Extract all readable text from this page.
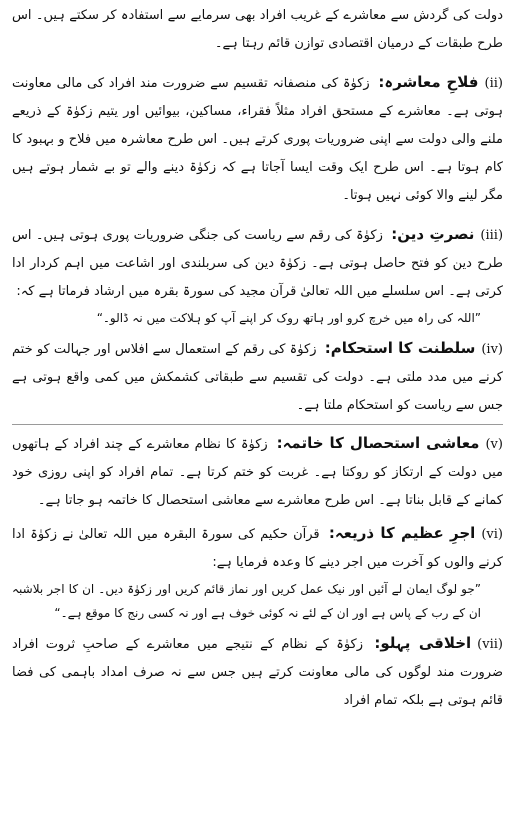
دولت کی گردش سے معاشرے کے غریب افراد بھی سرمایے سے استفادہ کر سکتے ہیں۔ اس طرح طبقات کے درمیان اقتصادی توازن قائم رہتا ہے۔

(ii)فلاحِ معاشرہ: زکوٰۃ کی منصفانہ تقسیم سے ضرورت مند افراد کی مالی معاونت ہوتی ہے۔ معاشرے کے مستحق افراد مثلاً فقراء، مساکین، بیوائیں اور یتیم زکوٰۃ کے ذریعے ملنے والی دولت سے اپنی ضروریات پوری کرتے ہیں۔ اس طرح معاشرہ میں فلاح و بہبود کا کام ہوتا ہے۔ اس طرح ایک وقت ایسا آجاتا ہے کہ زکوٰۃ دینے والے تو بے شمار ہوتے ہیں مگر لینے والا کوئی نہیں ہوتا۔

(iii)نصرتِ دین: زکوٰۃ کی رقم سے ریاست کی جنگی ضروریات پوری ہوتی ہیں۔ اس طرح دین کو فتح حاصل ہوتی ہے۔ زکوٰۃ دین کی سربلندی اور اشاعت میں اہم کردار ادا کرتی ہے۔ اس سلسلے میں اللہ تعالیٰ قرآن مجید کی سورۃ بقرہ میں ارشاد فرماتا ہے کہ:

”اللہ کی راہ میں خرچ کرو اور ہاتھ روک کر اپنے آپ کو ہلاکت میں نہ ڈالو۔“

(iv)سلطنت کا استحکام: زکوٰۃ کی رقم کے استعمال سے افلاس اور جہالت کو ختم کرنے میں مدد ملتی ہے۔ دولت کی تقسیم سے طبقاتی کشمکش میں کمی واقع ہوتی ہے جس سے ریاست کو استحکام ملتا ہے۔

(v)معاشی استحصال کا خاتمہ: زکوٰۃ کا نظام معاشرے کے چند افراد کے ہاتھوں میں دولت کے ارتکاز کو روکتا ہے۔ غربت کو ختم کرتا ہے۔ تمام افراد کو اپنی روزی خود کمانے کے قابل بناتا ہے۔ اس طرح معاشرے سے معاشی استحصال کا خاتمہ ہو جاتا ہے۔

(vi)اجرِ عظیم کا ذریعہ: قرآن حکیم کی سورۃ البقرہ میں اللہ تعالیٰ نے زکوٰۃ ادا کرنے والوں کو آخرت میں اجر دینے کا وعدہ فرمایا ہے:

”جو لوگ ایمان لے آئیں اور نیک عمل کریں اور نماز قائم کریں اور زکوٰۃ دیں۔ ان کا اجر بلاشبہ ان کے رب کے پاس ہے اور ان کے لئے نہ کوئی خوف ہے اور نہ کسی رنج کا موقع ہے۔“

(vii)اخلاقی پہلو: زکوٰۃ کے نظام کے نتیجے میں معاشرے کے صاحبِ ثروت افراد ضرورت مند لوگوں کی مالی معاونت کرتے ہیں جس سے نہ صرف امداد باہمی کی فضا قائم ہوتی ہے بلکہ تمام افراد
